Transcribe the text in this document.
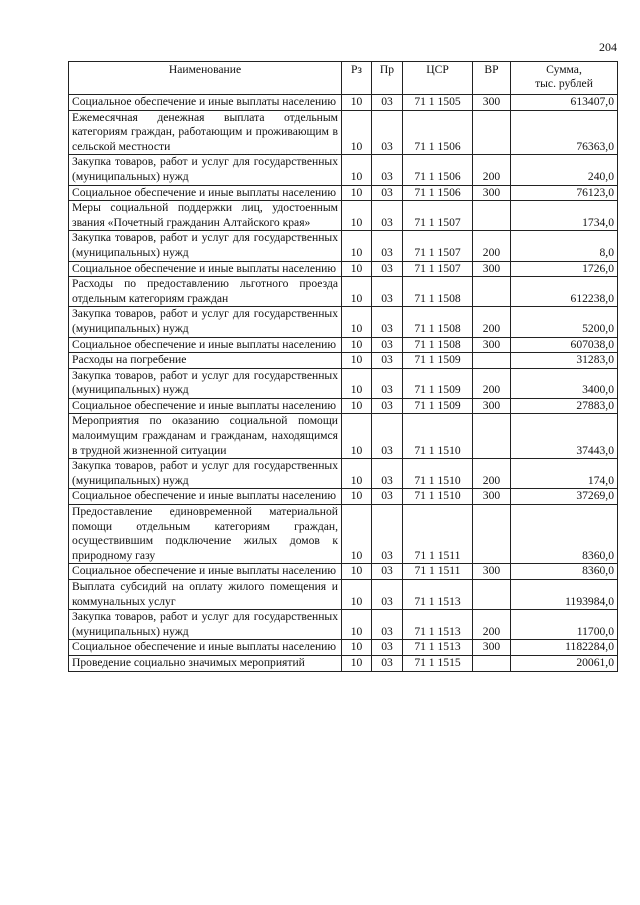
204
Наименование	Рз	Пр	ЦСР	ВР	Сумма,
тыс. рублей

Социальное обеспечение и иные выплаты населению	10	03	71 1 1505	300	613407,0
Ежемесячная денежная выплата отдельным категориям граждан, работающим и проживающим в сельской местности	10	03	71 1 1506		76363,0
Закупка товаров, работ и услуг для государственных (муниципальных) нужд	10	03	71 1 1506	200	240,0
Социальное обеспечение и иные выплаты населению	10	03	71 1 1506	300	76123,0
Меры социальной поддержки лиц, удостоенным звания «Почетный гражданин Алтайского края»	10	03	71 1 1507		1734,0
Закупка товаров, работ и услуг для государственных (муниципальных) нужд	10	03	71 1 1507	200	8,0
Социальное обеспечение и иные выплаты населению	10	03	71 1 1507	300	1726,0
Расходы по предоставлению льготного проезда отдельным категориям граждан	10	03	71 1 1508		612238,0
Закупка товаров, работ и услуг для государственных (муниципальных) нужд	10	03	71 1 1508	200	5200,0
Социальное обеспечение и иные выплаты населению	10	03	71 1 1508	300	607038,0
Расходы на погребение	10	03	71 1 1509		31283,0
Закупка товаров, работ и услуг для государственных (муниципальных) нужд	10	03	71 1 1509	200	3400,0
Социальное обеспечение и иные выплаты населению	10	03	71 1 1509	300	27883,0
Мероприятия по оказанию социальной помощи малоимущим гражданам и гражданам, находящимся в трудной жизненной ситуации	10	03	71 1 1510		37443,0
Закупка товаров, работ и услуг для государственных (муниципальных) нужд	10	03	71 1 1510	200	174,0
Социальное обеспечение и иные выплаты населению	10	03	71 1 1510	300	37269,0
Предоставление единовременной материальной помощи отдельным категориям граждан, осуществившим подключение жилых домов к природному газу	10	03	71 1 1511		8360,0
Социальное обеспечение и иные выплаты населению	10	03	71 1 1511	300	8360,0
Выплата субсидий на оплату жилого помещения и коммунальных услуг	10	03	71 1 1513		1193984,0
Закупка товаров, работ и услуг для государственных (муниципальных) нужд	10	03	71 1 1513	200	11700,0
Социальное обеспечение и иные выплаты населению	10	03	71 1 1513	300	1182284,0
Проведение социально значимых мероприятий	10	03	71 1 1515		20061,0
